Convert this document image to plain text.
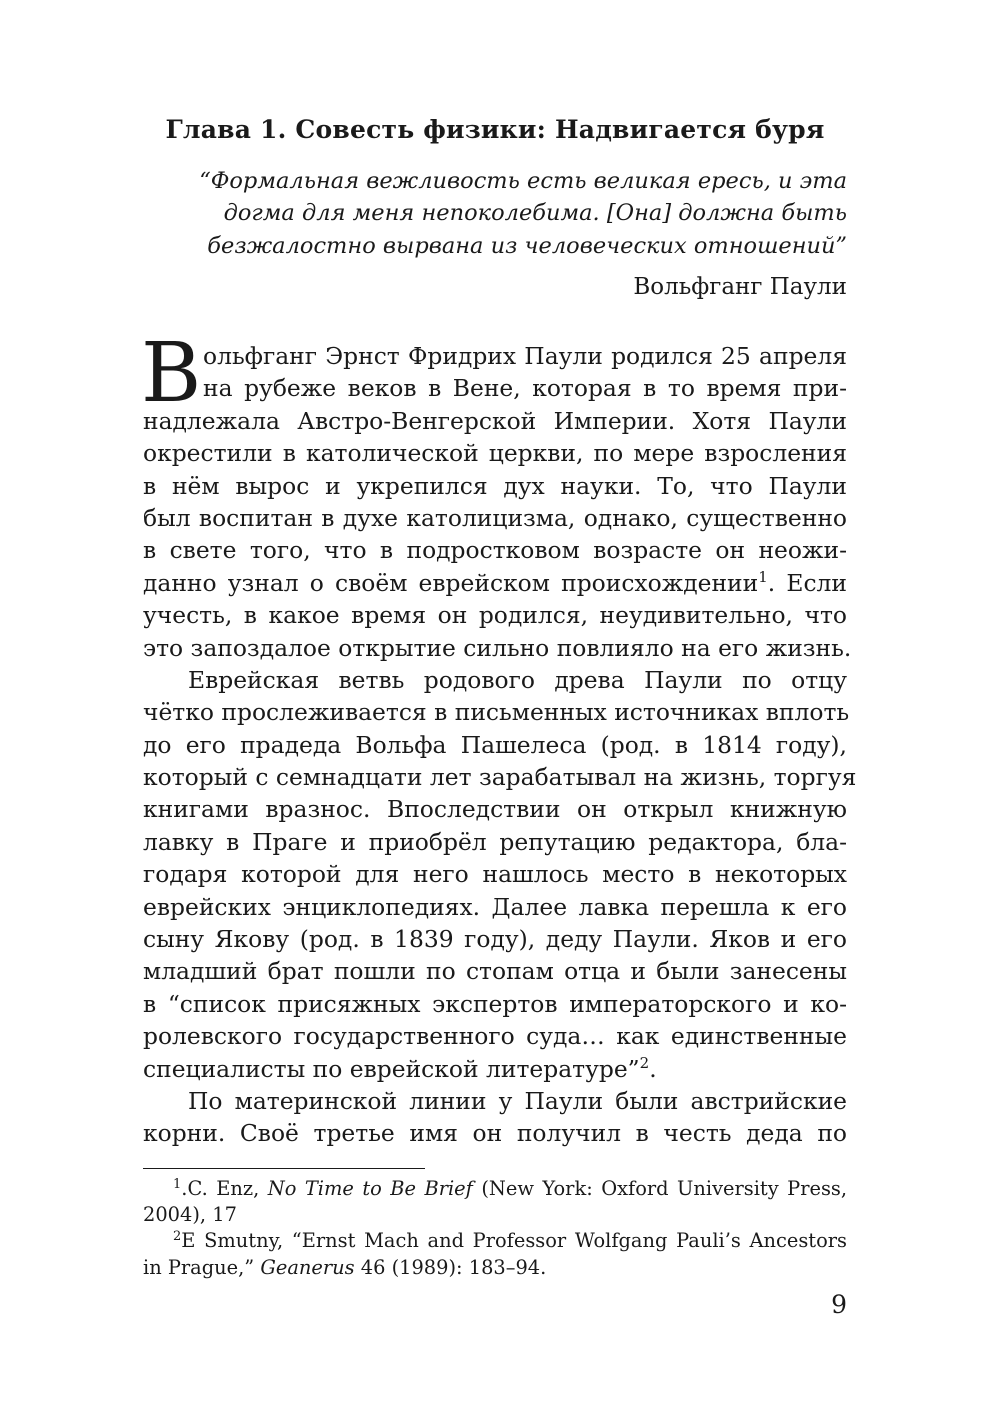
Глава 1. Совесть физики: Надвигается буря
“Формальная вежливость есть великая ересь, и эта
догма для меня непоколебима. [Она] должна быть
безжалостно вырвана из человеческих отношений”
Вольфганг Паули
В ольфганг Эрнст Фридрих Паули родился 25 апреля
на рубеже веков в Вене, которая в то время при-
надлежала Австро-Венгерской Империи. Хотя Паули
окрестили в католической церкви, по мере взросления
в нём вырос и укрепился дух науки. То, что Паули
был воспитан в духе католицизма, однако, существенно
в свете того, что в подростковом возрасте он неожи-
данно узнал о своём еврейском происхождении$^1$. Если
учесть, в какое время он родился, неудивительно, что
это запоздалое открытие сильно повлияло на его жизнь.
Еврейская ветвь родового древа Паули по отцу
чётко прослеживается в письменных источниках вплоть
до его прадеда Вольфа Пашелеса (род. в 1814 году),
который с семнадцати лет зарабатывал на жизнь, торгуя
книгами вразнос. Впоследствии он открыл книжную
лавку в Праге и приобрёл репутацию редактора, бла-
годаря которой для него нашлось место в некоторых
еврейских энциклопедиях. Далее лавка перешла к его
сыну Якову (род. в 1839 году), деду Паули. Яков и его
младший брат пошли по стопам отца и были занесены
в “список присяжных экспертов императорского и ко-
ролевского государственного суда… как единственные
специалисты по еврейской литературе”$^2$.
По материнской линии у Паули были австрийские
корни. Своё третье имя он получил в честь деда по
$^1$.C. Enz, No Time to Be Brief (New York: Oxford University Press,
2004), 17
$^2$E Smutny, “Ernst Mach and Professor Wolfgang Pauli’s Ancestors
in Prague,” Geanerus 46 (1989): 183–94.
9
